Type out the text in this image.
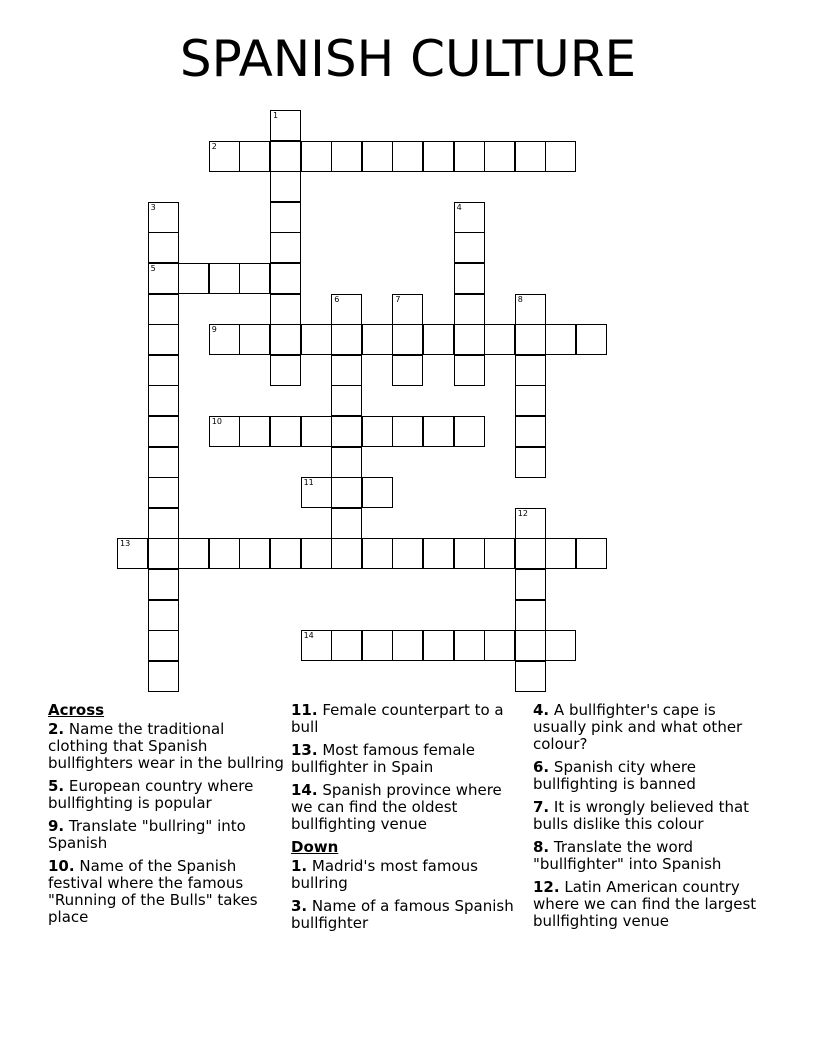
SPANISH CULTURE
1
2
3
5
4
6	7	8
9
10
11
12
13
14
Across
2. Name the traditional clothing that Spanish bullfighters wear in the bullring
5. European country where bullfighting is popular
9. Translate "bullring" into Spanish
10. Name of the Spanish festival where the famous "Running of the Bulls" takes place
11. Female counterpart to a bull
13. Most famous female bullfighter in Spain
14. Spanish province where we can find the oldest bullfighting venue
Down
1. Madrid's most famous bullring
3. Name of a famous Spanish bullfighter
4. A bullfighter's cape is usually pink and what other colour?
6. Spanish city where bullfighting is banned
7. It is wrongly believed that bulls dislike this colour
8. Translate the word "bullfighter" into Spanish
12. Latin American country where we can find the largest bullfighting venue
